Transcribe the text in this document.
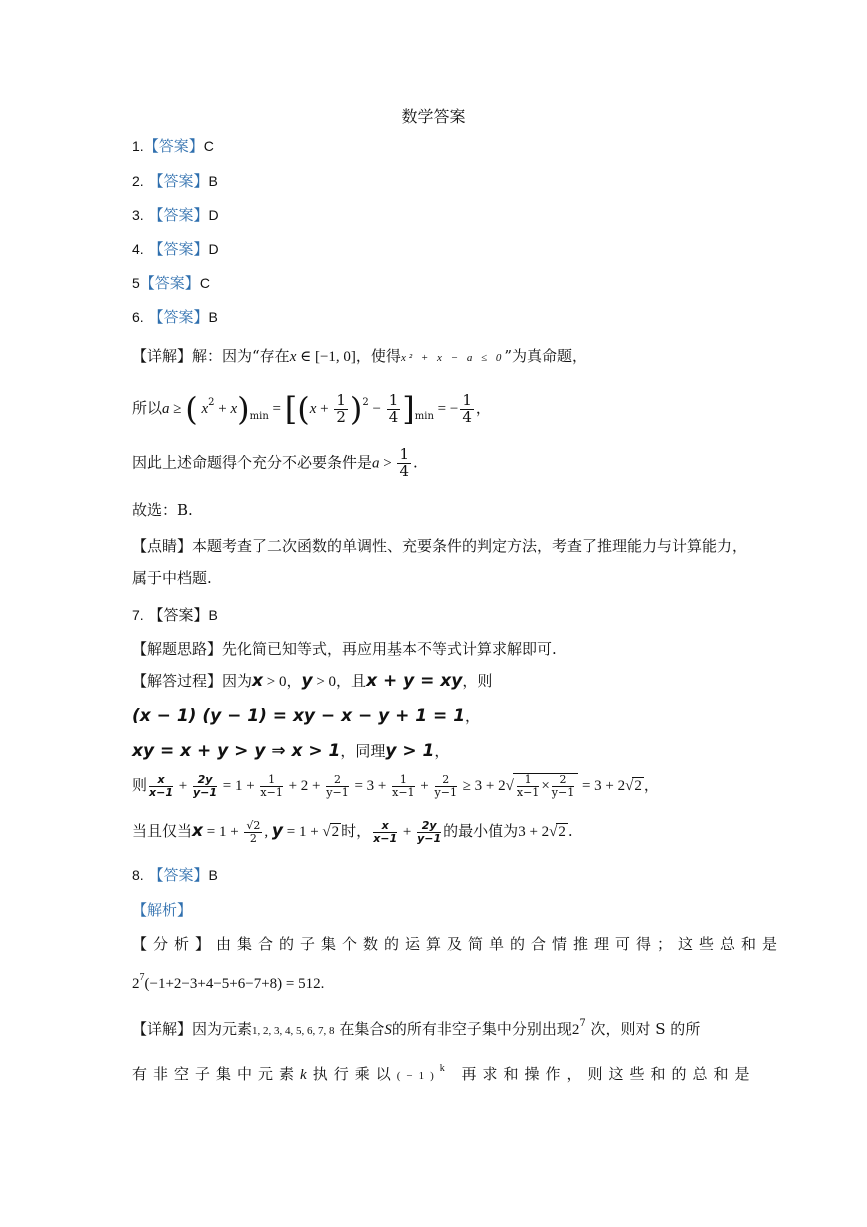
数学答案
1.【答案】C
2. 【答案】B
3. 【答案】D
4. 【答案】D
5【答案】C
6. 【答案】B
【详解】解：因为“存在x ∈ [−1, 0]，使得x² + x − a ≤ 0”为真命题，
所以a ≥ ( $x^2 + x)_{min} = [(x + \frac{1}{2} )^2 - \frac{1}{4} ]_{min}$ = − $\frac{1}{4}$ ，
因此上述命题得个充分不必要条件是$a > \frac{1}{4}$ .
故选：B.
【点睛】本题考查了二次函数的单调性、充要条件的判定方法，考查了推理能力与计算能力，
属于中档题.
7. 【答案】B
【解题思路】先化简已知等式，再应用基本不等式计算求解即可.
【解答过程】因为x > 0，y > 0，且x + y = xy，则
(x − 1) (y − 1) = xy − x − y + 1 = 1，
xy = x + y > y ⇒ x > 1，同理y > 1，
则 $\frac{x}{x-1} + \frac{2y}{y-1} = 1 + \frac{1}{x-1} + 2 + \frac{2}{y-1} = 3 + \frac{1}{x-1} + \frac{2}{y-1} \ge 3 + 2√ \frac{1}{x-1} \times \frac{2}{y-1} = 3 + 2√2$ ，
当且仅当$x = 1 + \frac{√2}{2}$ , y = 1 + √2 时， $\frac{x}{x-1} + \frac{2y}{y-1}$ 的最小值为3 + 2√2 .
8. 【答案】B
【解析】
【分析】由集合的子集个数的运算及简单的合情推理可得；这些总和是
$2^7(-1+2-3+4-5+6-7+8) = 512$.
【详解】因为元素1, 2, 3, 4, 5, 6, 7, 8 在集合S的所有非空子集中分别出现$2^7$ 次，则对 S 的所
有非空子集中元素k执行乘以(−1)k 再求和操作，则这些和的总和是
